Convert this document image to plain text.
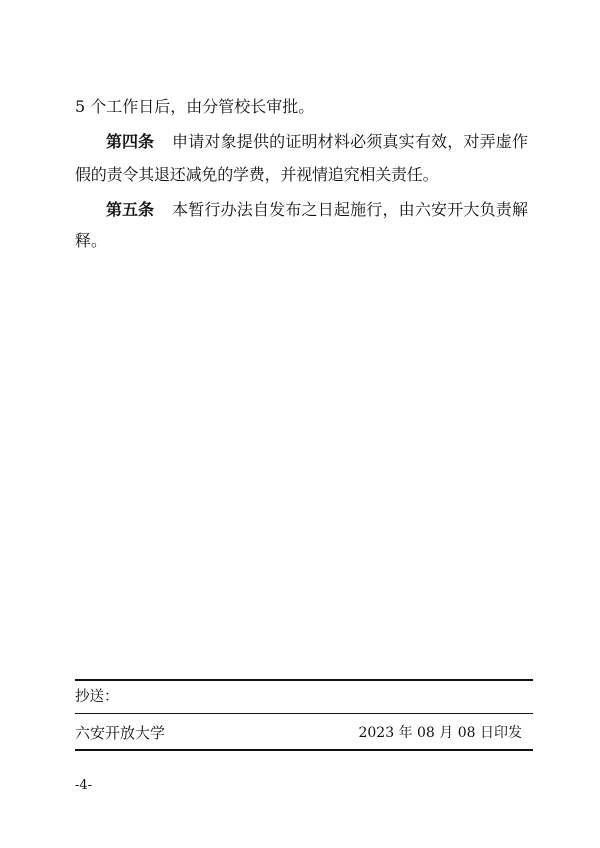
5 个工作日后，由分管校长审批。
第四条 申请对象提供的证明材料必须真实有效，对弄虚作
假的责令其退还减免的学费，并视情追究相关责任。
第五条 本暂行办法自发布之日起施行，由六安开大负责解
释。
抄送：
六安开放大学	2023 年 08 月 08 日印发
-4-
